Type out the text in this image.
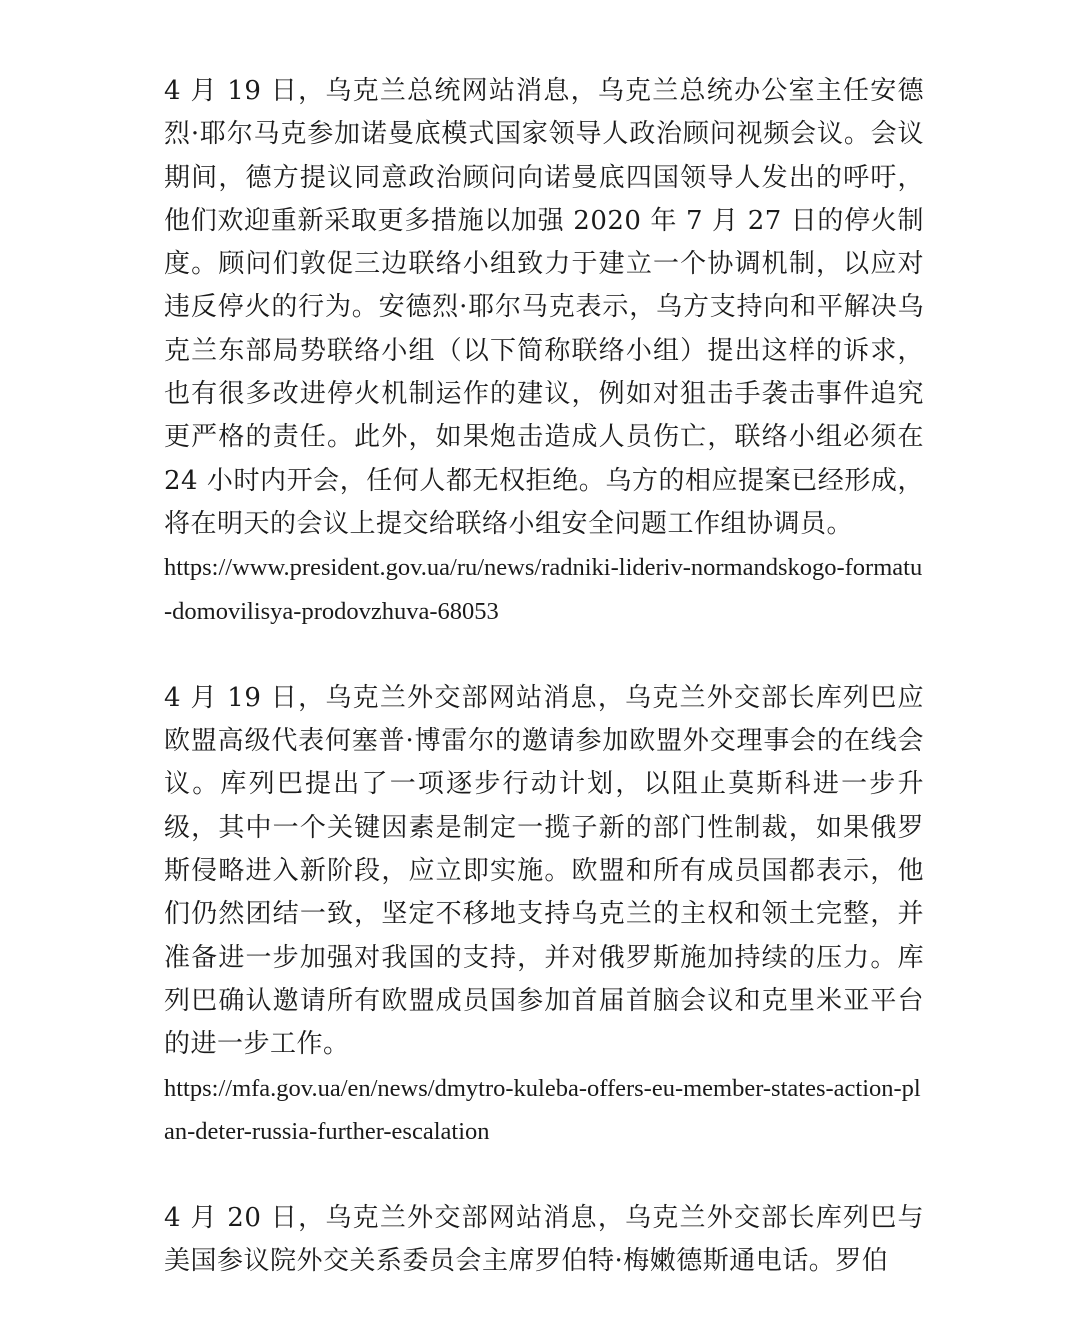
4 月 19 日，乌克兰总统网站消息，乌克兰总统办公室主任安德烈·耶尔马克参加诺曼底模式国家领导人政治顾问视频会议。会议期间，德方提议同意政治顾问向诺曼底四国领导人发出的呼吁，他们欢迎重新采取更多措施以加强 2020 年 7 月 27 日的停火制度。顾问们敦促三边联络小组致力于建立一个协调机制，以应对违反停火的行为。安德烈·耶尔马克表示，乌方支持向和平解决乌克兰东部局势联络小组（以下简称联络小组）提出这样的诉求，也有很多改进停火机制运作的建议，例如对狙击手袭击事件追究更严格的责任。此外，如果炮击造成人员伤亡，联络小组必须在 24 小时内开会，任何人都无权拒绝。乌方的相应提案已经形成，将在明天的会议上提交给联络小组安全问题工作组协调员。

https://www.president.gov.ua/ru/news/radniki-lideriv-normandskogo-formatu-domovilisya-prodovzhuva-68053

4 月 19 日，乌克兰外交部网站消息，乌克兰外交部长库列巴应欧盟高级代表何塞普·博雷尔的邀请参加欧盟外交理事会的在线会议。库列巴提出了一项逐步行动计划，以阻止莫斯科进一步升级，其中一个关键因素是制定一揽子新的部门性制裁，如果俄罗斯侵略进入新阶段，应立即实施。欧盟和所有成员国都表示，他们仍然团结一致，坚定不移地支持乌克兰的主权和领土完整，并准备进一步加强对我国的支持，并对俄罗斯施加持续的压力。库列巴确认邀请所有欧盟成员国参加首届首脑会议和克里米亚平台的进一步工作。

https://mfa.gov.ua/en/news/dmytro-kuleba-offers-eu-member-states-action-plan-deter-russia-further-escalation

4 月 20 日，乌克兰外交部网站消息，乌克兰外交部长库列巴与美国参议院外交关系委员会主席罗伯特·梅嫩德斯通电话。罗伯
